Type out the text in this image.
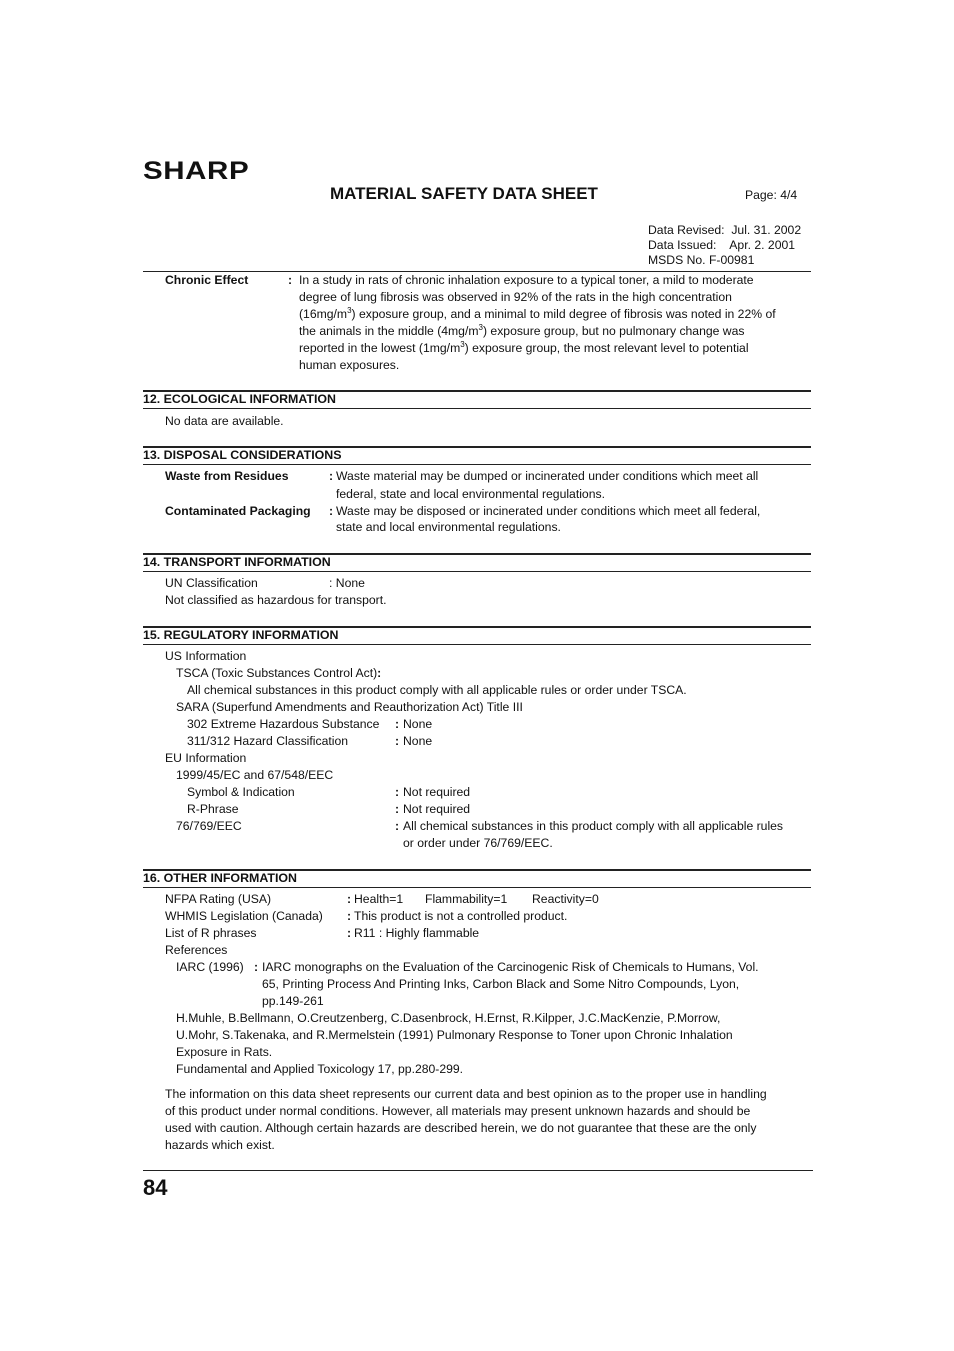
SHARP
MATERIAL SAFETY DATA SHEET	Page: 4/4
Data Revised:  Jul. 31. 2002
Data Issued:    Apr. 2. 2001
MSDS No. F-00981
Chronic Effect	: In a study in rats of chronic inhalation exposure to a typical toner, a mild to moderate
degree of lung fibrosis was observed in 92% of the rats in the high concentration
$(16mg/m^3)$ exposure group, and a minimal to mild degree of fibrosis was noted in 22% of
the animals in the middle $(4mg/m^3)$ exposure group, but no pulmonary change was
reported in the lowest $(1mg/m^3)$ exposure group, the most relevant level to potential
human exposures.
12. ECOLOGICAL INFORMATION
No data are available.
13. DISPOSAL CONSIDERATIONS
Waste from Residues	: Waste material may be dumped or incinerated under conditions which meet all
federal, state and local environmental regulations.
Contaminated Packaging : Waste may be disposed or incinerated under conditions which meet all federal,
state and local environmental regulations.
14. TRANSPORT INFORMATION
UN Classification	: None
Not classified as hazardous for transport.
15. REGULATORY INFORMATION
US Information
TSCA (Toxic Substances Control Act):
All chemical substances in this product comply with all applicable rules or order under TSCA.
SARA (Superfund Amendments and Reauthorization Act) Title III
302 Extreme Hazardous Substance : None
311/312 Hazard Classification	: None
EU Information
1999/45/EC and 67/548/EEC
Symbol & Indication	: Not required
R-Phrase	: Not required
76/769/EEC	: All chemical substances in this product comply with all applicable rules
or order under 76/769/EEC.
16. OTHER INFORMATION
NFPA Rating (USA)	: Health=1 Flammability=1 Reactivity=0
WHMIS Legislation (Canada) : This product is not a controlled product.
List of R phrases	: R11 : Highly flammable
References
IARC (1996) : IARC monographs on the Evaluation of the Carcinogenic Risk of Chemicals to Humans, Vol.
65, Printing Process And Printing Inks, Carbon Black and Some Nitro Compounds, Lyon,
pp.149-261
H.Muhle, B.Bellmann, O.Creutzenberg, C.Dasenbrock, H.Ernst, R.Kilpper, J.C.MacKenzie, P.Morrow,
U.Mohr, S.Takenaka, and R.Mermelstein (1991) Pulmonary Response to Toner upon Chronic Inhalation
Exposure in Rats.
Fundamental and Applied Toxicology 17, pp.280-299.
The information on this data sheet represents our current data and best opinion as to the proper use in handling
of this product under normal conditions. However, all materials may present unknown hazards and should be
used with caution. Although certain hazards are described herein, we do not guarantee that these are the only
hazards which exist.
84
